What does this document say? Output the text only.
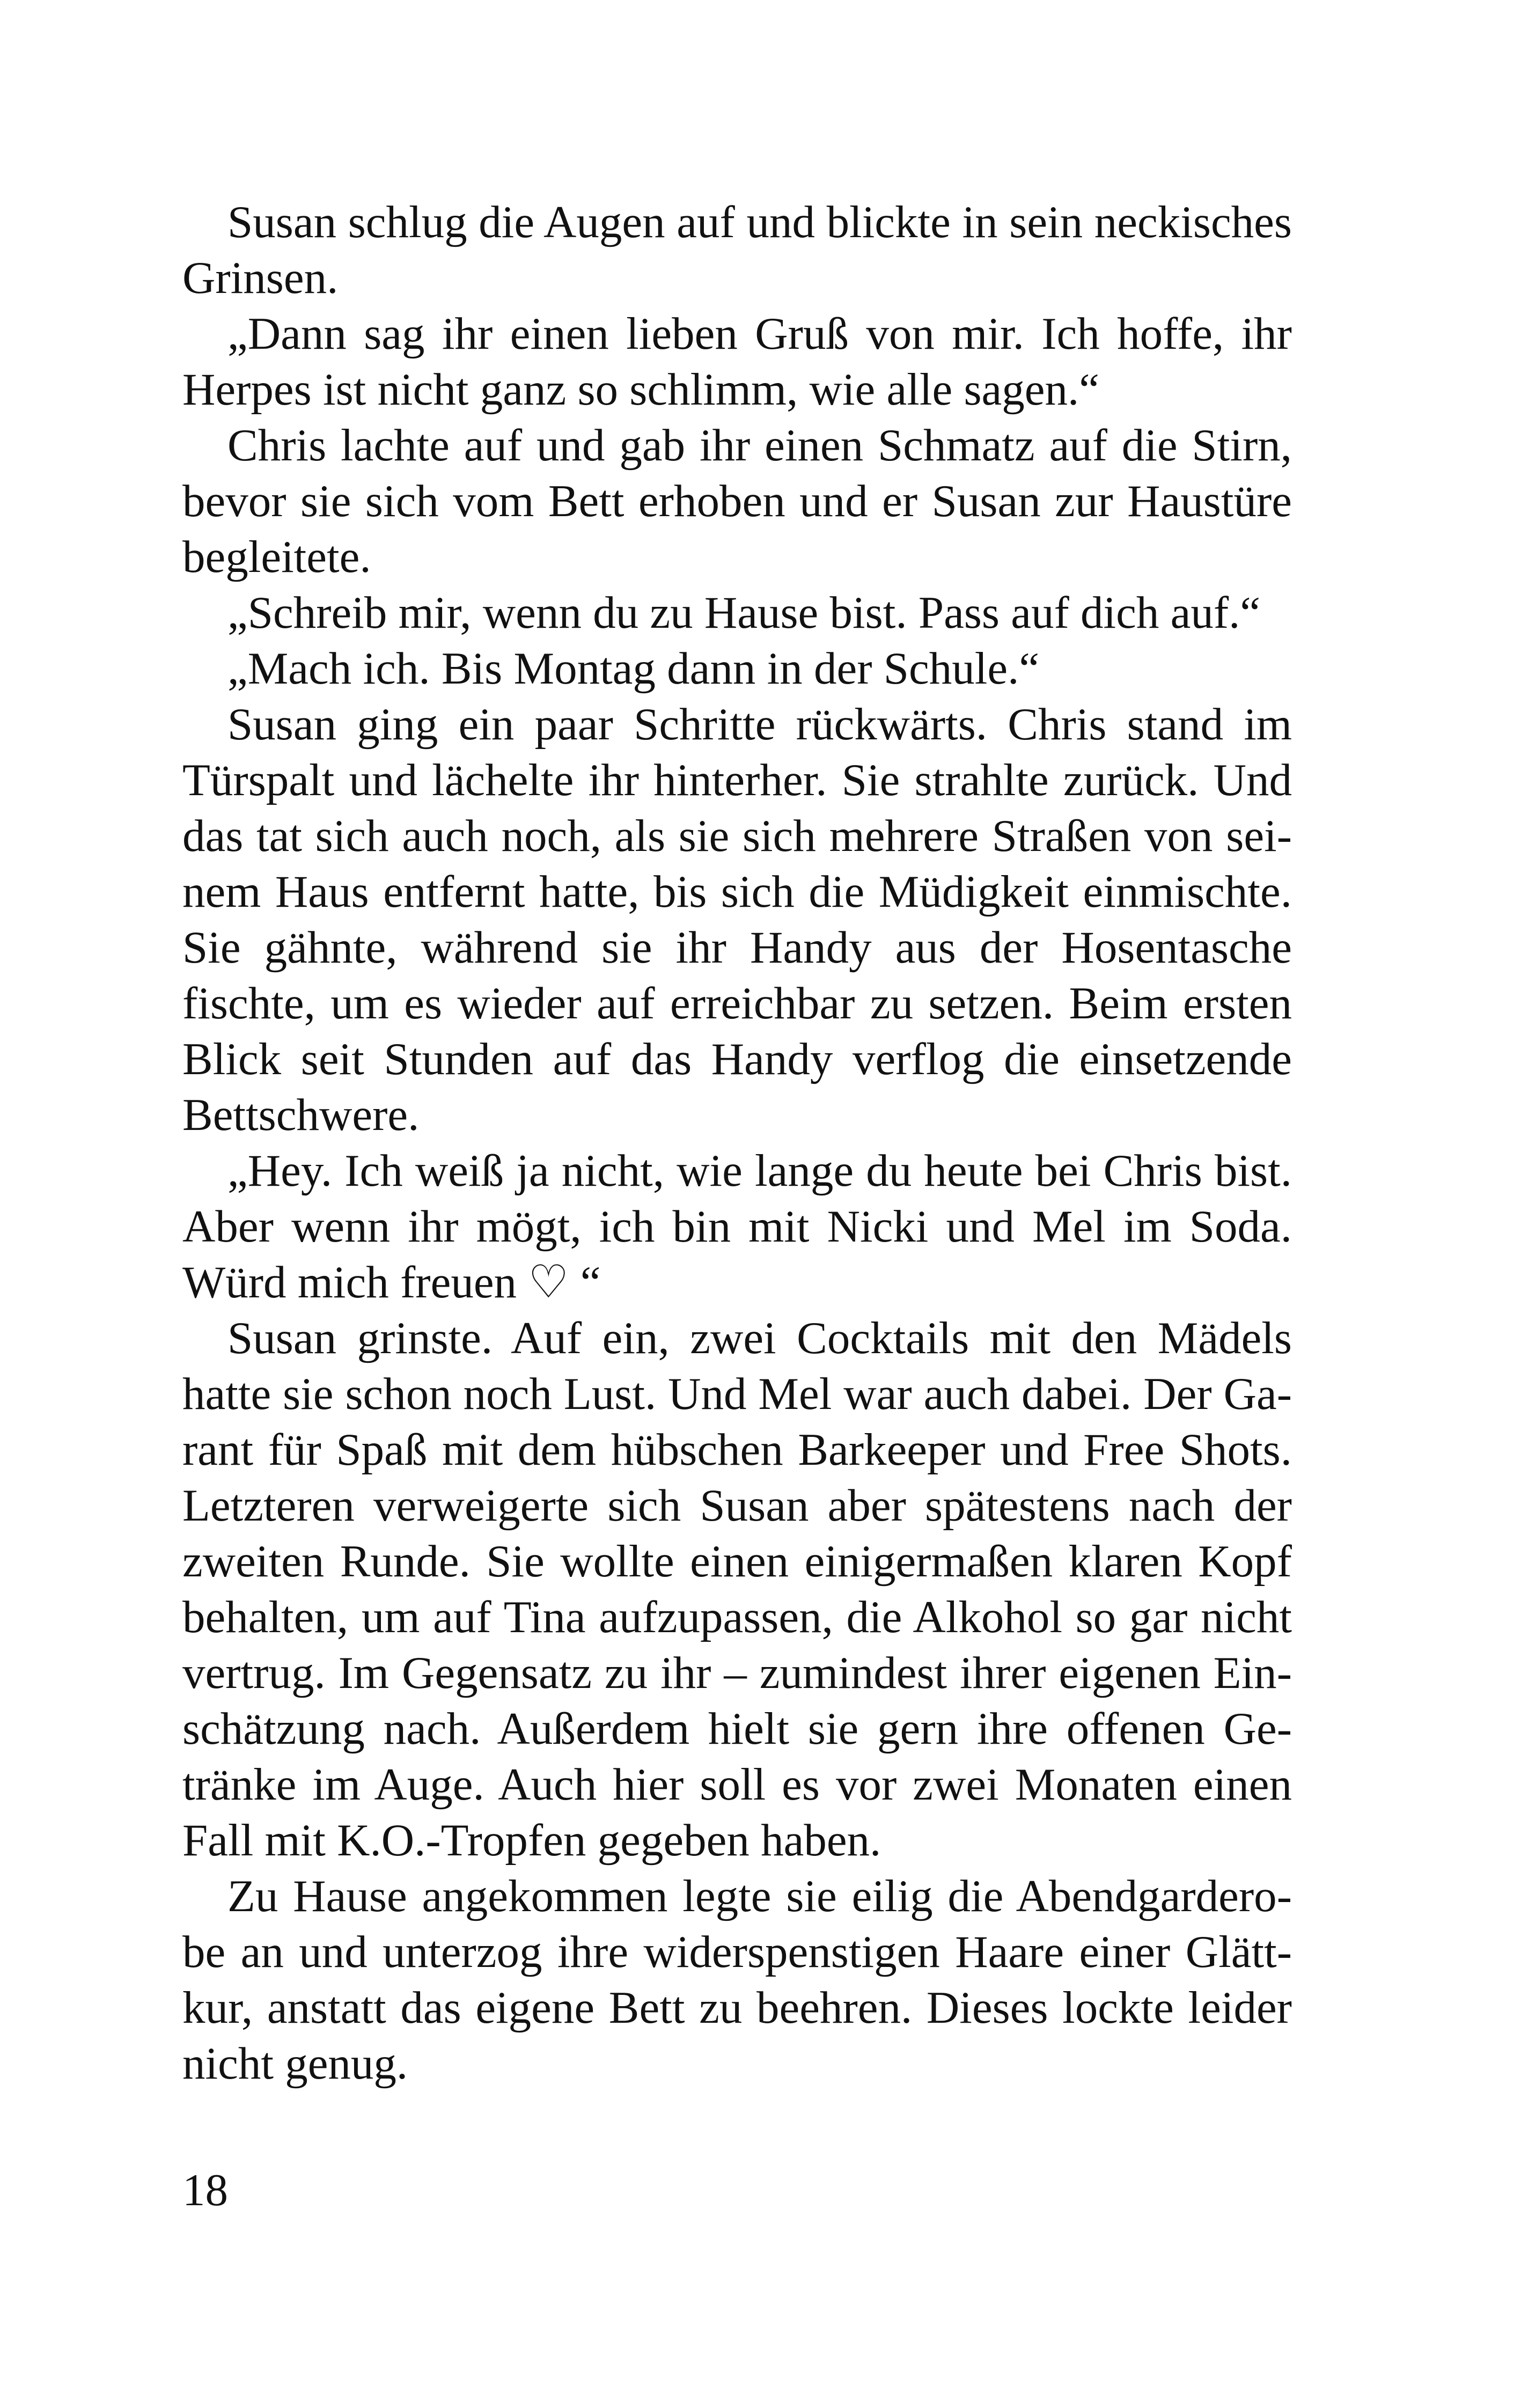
Susan schlug die Augen auf und blickte in sein neckisches Grinsen.

„Dann sag ihr einen lieben Gruß von mir. Ich hoffe, ihr Herpes ist nicht ganz so schlimm, wie alle sagen.“

Chris lachte auf und gab ihr einen Schmatz auf die Stirn, bevor sie sich vom Bett erhoben und er Susan zur Haustüre begleitete.

„Schreib mir, wenn du zu Hause bist. Pass auf dich auf.“

„Mach ich. Bis Montag dann in der Schule.“

Susan ging ein paar Schritte rückwärts. Chris stand im Türspalt und lächelte ihr hinterher. Sie strahlte zurück. Und das tat sich auch noch, als sie sich mehrere Straßen von seinem Haus entfernt hatte, bis sich die Müdigkeit einmischte. Sie gähnte, während sie ihr Handy aus der Hosentasche fischte, um es wieder auf erreichbar zu setzen. Beim ersten Blick seit Stunden auf das Handy verflog die einsetzende Bettschwere.

„Hey. Ich weiß ja nicht, wie lange du heute bei Chris bist. Aber wenn ihr mögt, ich bin mit Nicki und Mel im Soda. Würd mich freuen ♡ “

Susan grinste. Auf ein, zwei Cocktails mit den Mädels hatte sie schon noch Lust. Und Mel war auch dabei. Der Garant für Spaß mit dem hübschen Barkeeper und Free Shots. Letzteren verweigerte sich Susan aber spätestens nach der zweiten Runde. Sie wollte einen einigermaßen klaren Kopf behalten, um auf Tina aufzupassen, die Alkohol so gar nicht vertrug. Im Gegensatz zu ihr – zumindest ihrer eigenen Einschätzung nach. Außerdem hielt sie gern ihre offenen Getränke im Auge. Auch hier soll es vor zwei Monaten einen Fall mit K.O.-Tropfen gegeben haben.

Zu Hause angekommen legte sie eilig die Abendgarderobe an und unterzog ihre widerspenstigen Haare einer Glättkur, anstatt das eigene Bett zu beehren. Dieses lockte leider nicht genug.

18
